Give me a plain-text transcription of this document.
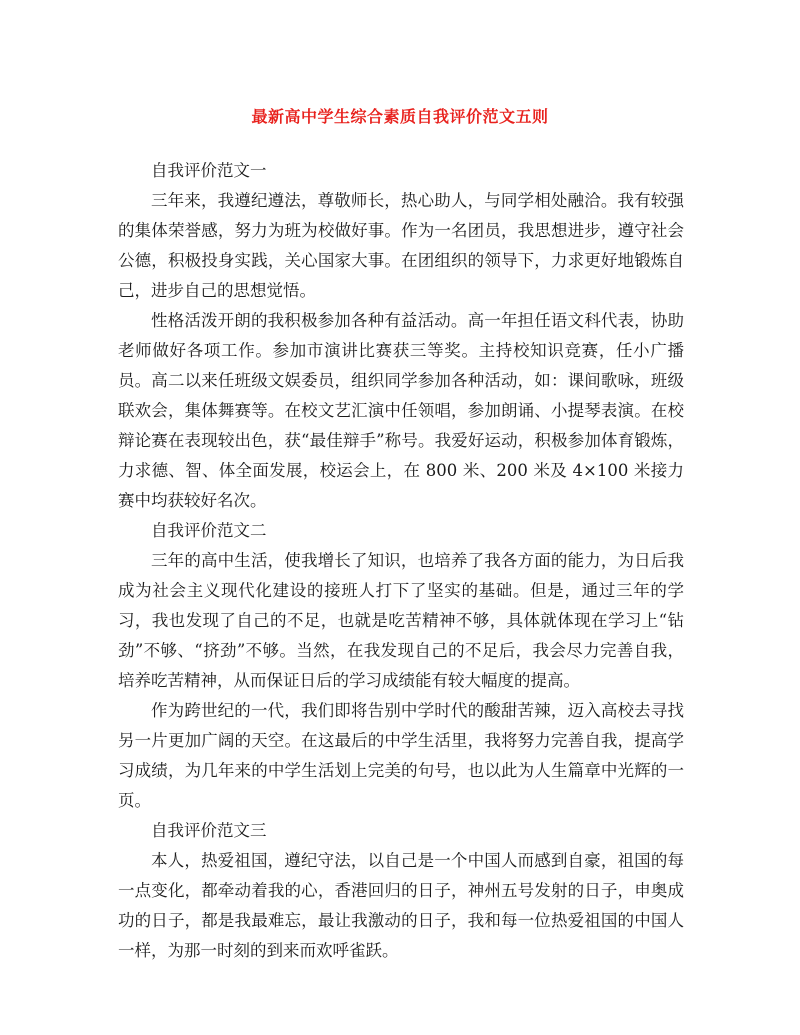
最新高中学生综合素质自我评价范文五则

自我评价范文一

三年来，我遵纪遵法，尊敬师长，热心助人，与同学相处融洽。我有较强的集体荣誉感，努力为班为校做好事。作为一名团员，我思想进步，遵守社会公德，积极投身实践，关心国家大事。在团组织的领导下，力求更好地锻炼自己，进步自己的思想觉悟。

性格活泼开朗的我积极参加各种有益活动。高一年担任语文科代表，协助老师做好各项工作。参加市演讲比赛获三等奖。主持校知识竞赛，任小广播员。高二以来任班级文娱委员，组织同学参加各种活动，如：课间歌咏，班级联欢会，集体舞赛等。在校文艺汇演中任领唱，参加朗诵、小提琴表演。在校辩论赛在表现较出色，获“最佳辩手”称号。我爱好运动，积极参加体育锻炼，力求德、智、体全面发展，校运会上，在 800 米、200 米及 4×100 米接力赛中均获较好名次。

自我评价范文二

三年的高中生活，使我增长了知识，也培养了我各方面的能力，为日后我成为社会主义现代化建设的接班人打下了坚实的基础。但是，通过三年的学习，我也发现了自己的不足，也就是吃苦精神不够，具体就体现在学习上“钻劲”不够、“挤劲”不够。当然，在我发现自己的不足后，我会尽力完善自我，培养吃苦精神，从而保证日后的学习成绩能有较大幅度的提高。

作为跨世纪的一代，我们即将告别中学时代的酸甜苦辣，迈入高校去寻找另一片更加广阔的天空。在这最后的中学生活里，我将努力完善自我，提高学习成绩，为几年来的中学生活划上完美的句号，也以此为人生篇章中光辉的一页。

自我评价范文三

本人，热爱祖国，遵纪守法，以自己是一个中国人而感到自豪，祖国的每一点变化，都牵动着我的心，香港回归的日子，神州五号发射的日子，申奥成功的日子，都是我最难忘，最让我激动的日子，我和每一位热爱祖国的中国人一样，为那一时刻的到来而欢呼雀跃。
